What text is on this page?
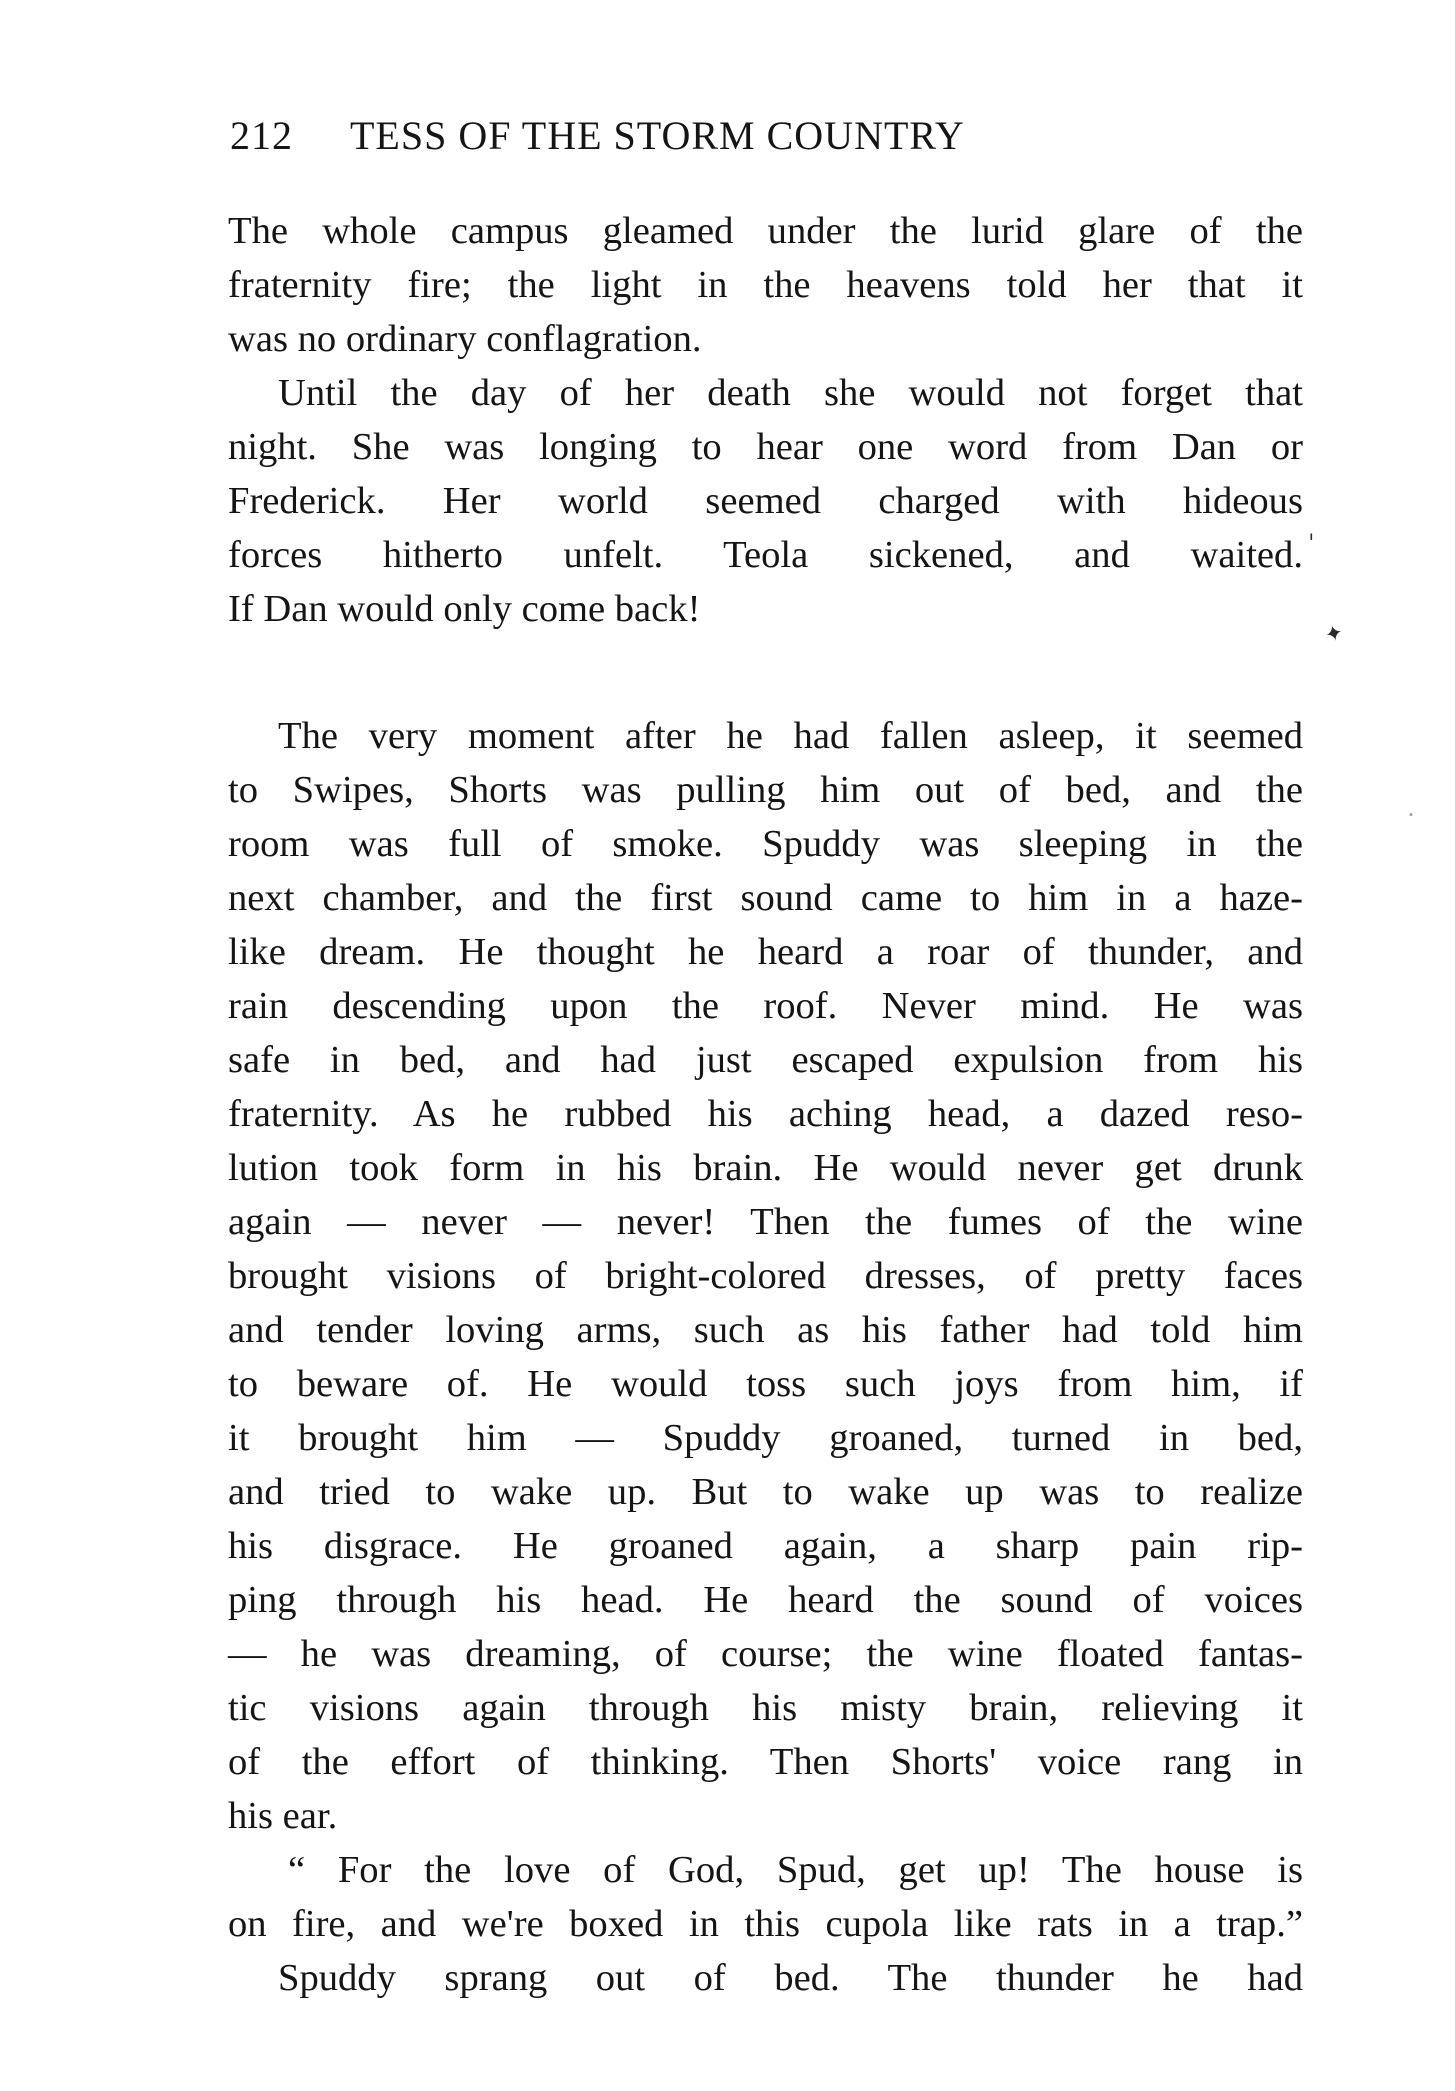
212 TESS OF THE STORM COUNTRY
The whole campus gleamed under the lurid glare of the
fraternity fire; the light in the heavens told her that it
was no ordinary conflagration.
Until the day of her death she would not forget that
night. She was longing to hear one word from Dan or
Frederick. Her world seemed charged with hideous
forces hitherto unfelt. Teola sickened, and waited.
If Dan would only come back!
The very moment after he had fallen asleep, it seemed
to Swipes, Shorts was pulling him out of bed, and the
room was full of smoke. Spuddy was sleeping in the
next chamber, and the first sound came to him in a haze-
like dream. He thought he heard a roar of thunder, and
rain descending upon the roof. Never mind. He was
safe in bed, and had just escaped expulsion from his
fraternity. As he rubbed his aching head, a dazed reso-
lution took form in his brain. He would never get drunk
again — never — never! Then the fumes of the wine
brought visions of bright-colored dresses, of pretty faces
and tender loving arms, such as his father had told him
to beware of. He would toss such joys from him, if
it brought him — Spuddy groaned, turned in bed,
and tried to wake up. But to wake up was to realize
his disgrace. He groaned again, a sharp pain rip-
ping through his head. He heard the sound of voices
— he was dreaming, of course; the wine floated fantas-
tic visions again through his misty brain, relieving it
of the effort of thinking. Then Shorts' voice rang in
his ear.
“ For the love of God, Spud, get up! The house is
on fire, and we're boxed in this cupola like rats in a trap.”
Spuddy sprang out of bed. The thunder he had
✦
ˈ
•
